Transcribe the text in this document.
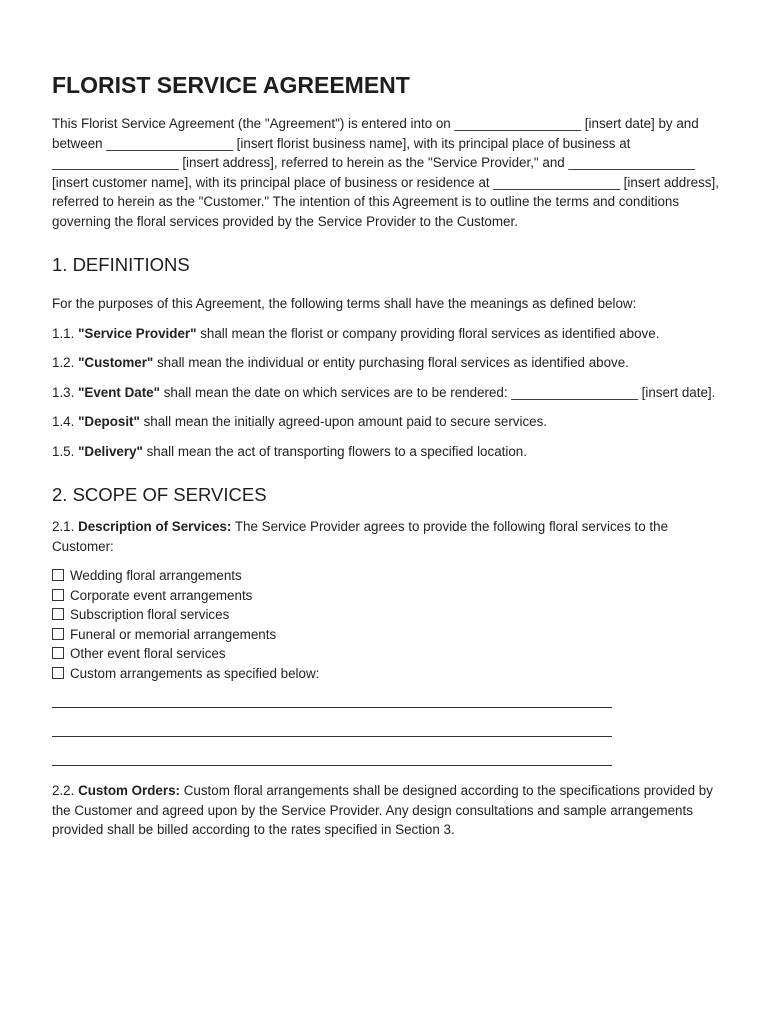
FLORIST SERVICE AGREEMENT

This Florist Service Agreement (the "Agreement") is entered into on _________________ [insert date] by and between _________________ [insert florist business name], with its principal place of business at _________________ [insert address], referred to herein as the "Service Provider," and _________________ [insert customer name], with its principal place of business or residence at _________________ [insert address], referred to herein as the "Customer." The intention of this Agreement is to outline the terms and conditions governing the floral services provided by the Service Provider to the Customer.

1. DEFINITIONS

For the purposes of this Agreement, the following terms shall have the meanings as defined below:

1.1. "Service Provider" shall mean the florist or company providing floral services as identified above.

1.2. "Customer" shall mean the individual or entity purchasing floral services as identified above.

1.3. "Event Date" shall mean the date on which services are to be rendered: _________________ [insert date].

1.4. "Deposit" shall mean the initially agreed-upon amount paid to secure services.

1.5. "Delivery" shall mean the act of transporting flowers to a specified location.

2. SCOPE OF SERVICES

2.1. Description of Services: The Service Provider agrees to provide the following floral services to the Customer:

Wedding floral arrangements

Corporate event arrangements

Subscription floral services

Funeral or memorial arrangements

Other event floral services

Custom arrangements as specified below:

2.2. Custom Orders: Custom floral arrangements shall be designed according to the specifications provided by the Customer and agreed upon by the Service Provider. Any design consultations and sample arrangements provided shall be billed according to the rates specified in Section 3.
